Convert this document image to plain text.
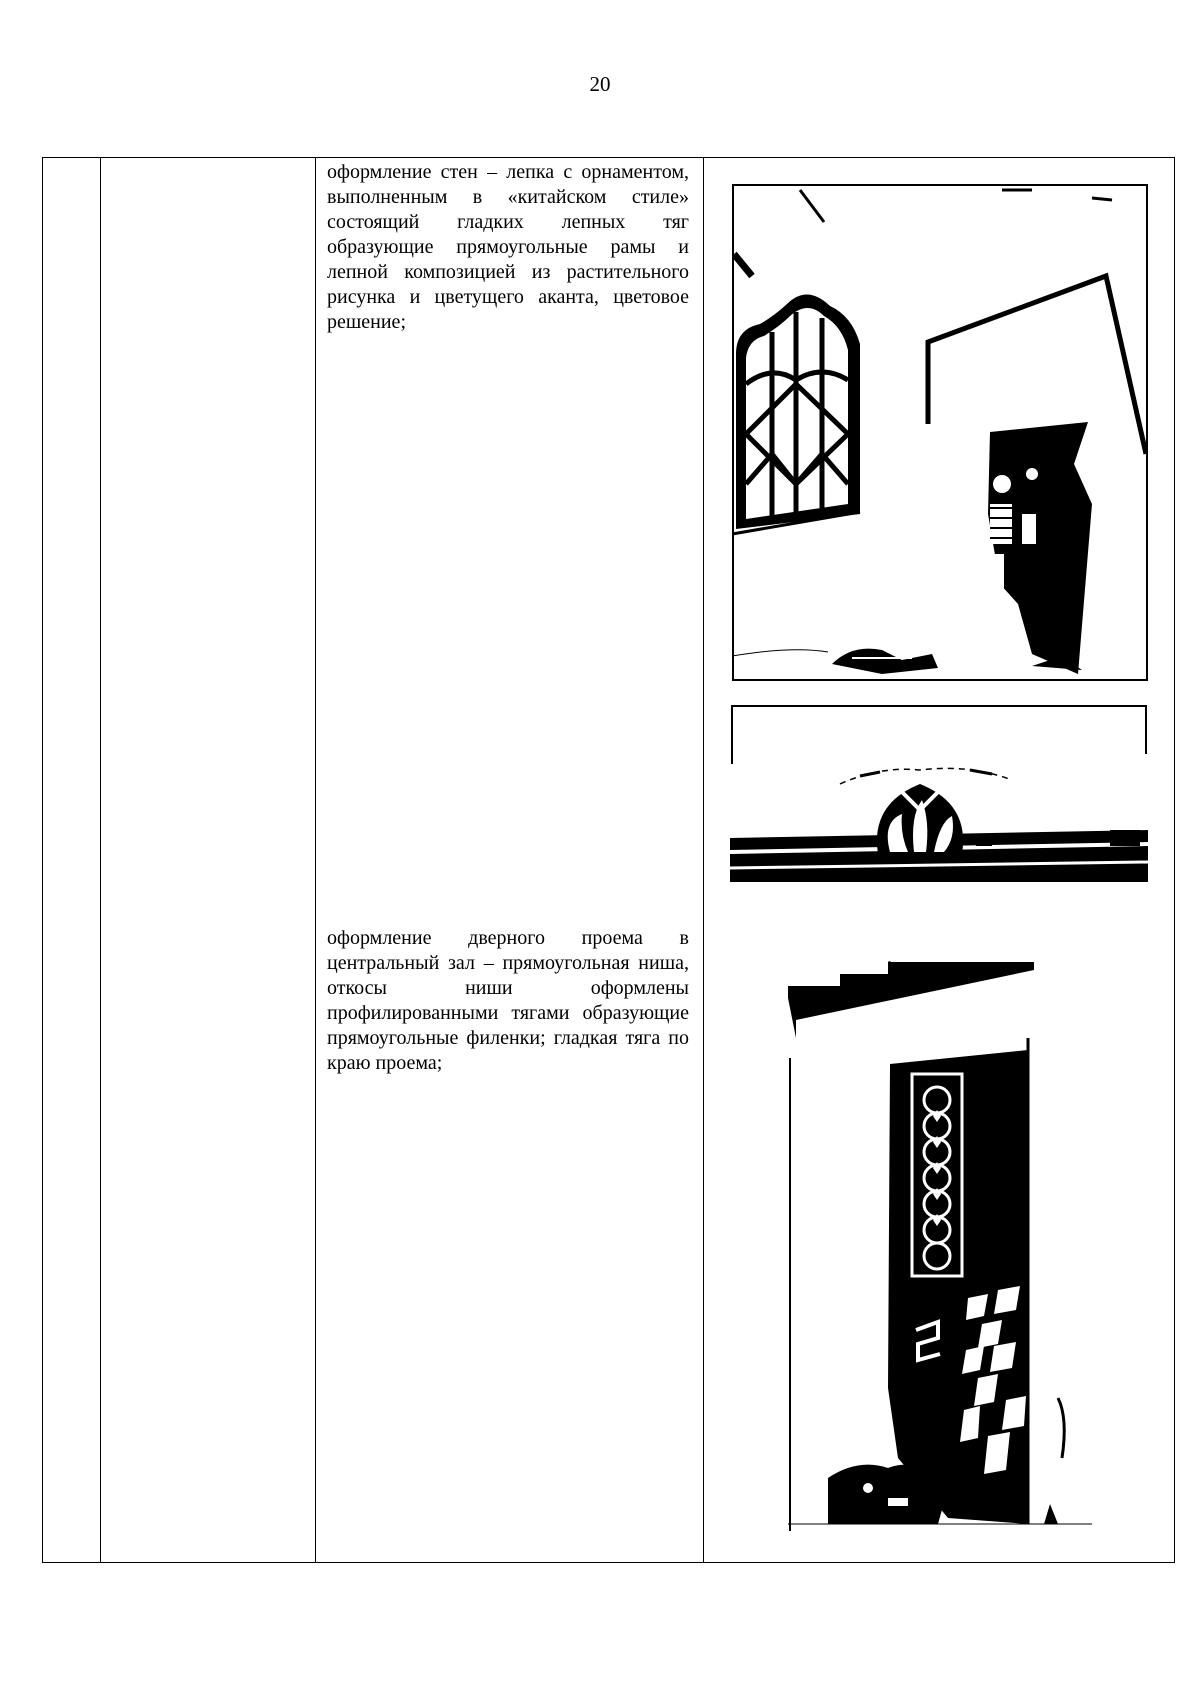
20

оформление стен – лепка с орнаментом, выполненным в «китайском стиле» состоящий гладких лепных тяг образующие прямоугольные рамы и лепной композицией из растительного рисунка и цветущего аканта, цветовое решение;
оформление дверного проема в центральный зал – прямоугольная ниша, откосы ниши оформлены профилированными тягами образующие прямоугольные филенки; гладкая тяга по краю проема;
